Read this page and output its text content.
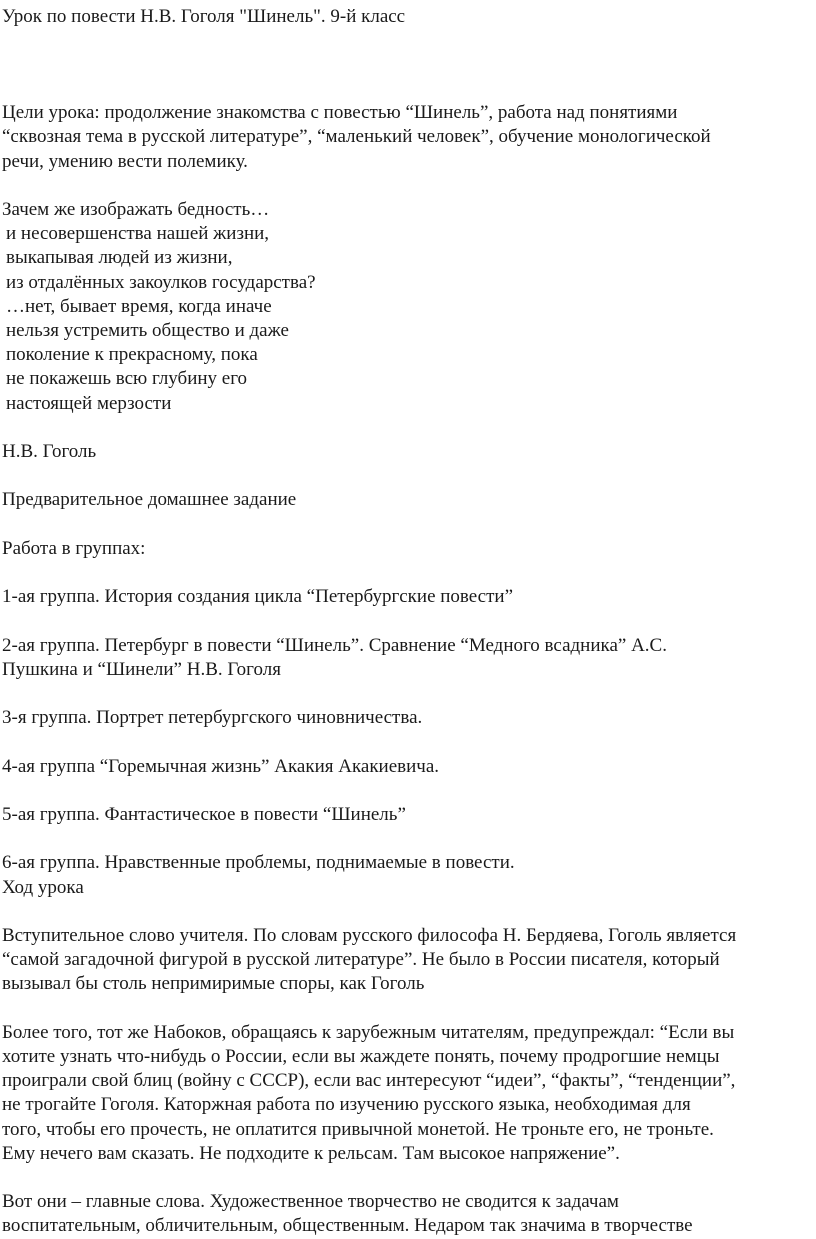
Урок по повести Н.В. Гоголя "Шинель". 9-й класс
Цели урока: продолжение знакомства с повестью “Шинель”, работа над понятиями
“сквозная тема в русской литературе”, “маленький человек”, обучение монологической
речи, умению вести полемику.
Зачем же изображать бедность…
и несовершенства нашей жизни,
выкапывая людей из жизни,
из отдалённых закоулков государства?
…нет, бывает время, когда иначе
нельзя устремить общество и даже
поколение к прекрасному, пока
не покажешь всю глубину его
настоящей мерзости
Н.В. Гоголь
Предварительное домашнее задание
Работа в группах:
1-ая группа. История создания цикла “Петербургские повести”
2-ая группа. Петербург в повести “Шинель”. Сравнение “Медного всадника” А.С.
Пушкина и “Шинели” Н.В. Гоголя
3-я группа. Портрет петербургского чиновничества.
4-ая группа “Горемычная жизнь” Акакия Акакиевича.
5-ая группа. Фантастическое в повести “Шинель”
6-ая группа. Нравственные проблемы, поднимаемые в повести.
Ход урока
Вступительное слово учителя. По словам русского философа Н. Бердяева, Гоголь является
“самой загадочной фигурой в русской литературе”. Не было в России писателя, который
вызывал бы столь непримиримые споры, как Гоголь
Более того, тот же Набоков, обращаясь к зарубежным читателям, предупреждал: “Если вы
хотите узнать что-нибудь о России, если вы жаждете понять, почему продрогшие немцы
проиграли свой блиц (войну с СССР), если вас интересуют “идеи”, “факты”, “тенденции”,
не трогайте Гоголя. Каторжная работа по изучению русского языка, необходимая для
того, чтобы его прочесть, не оплатится привычной монетой. Не троньте его, не троньте.
Ему нечего вам сказать. Не подходите к рельсам. Там высокое напряжение”.
Вот они – главные слова. Художественное творчество не сводится к задачам
воспитательным, обличительным, общественным. Недаром так значима в творчестве
